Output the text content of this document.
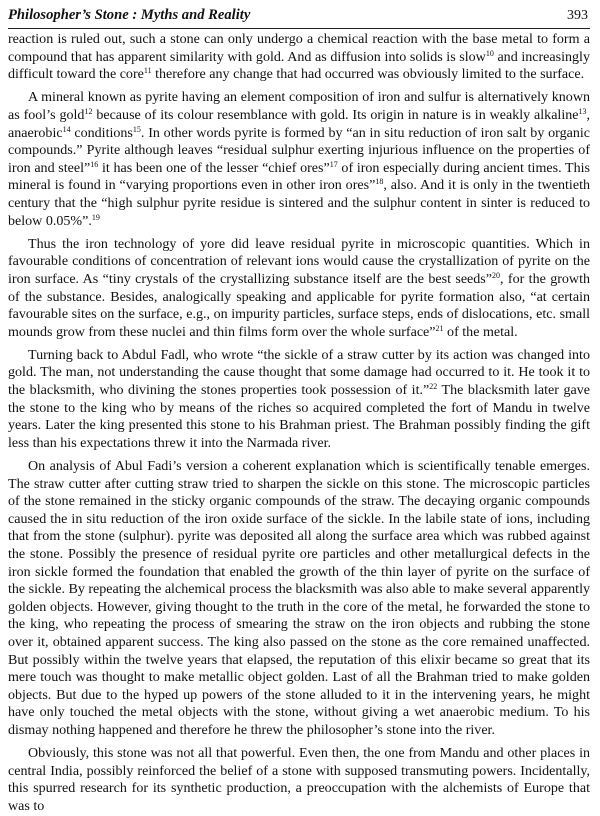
Philosopher’s Stone : Myths and Reality	393

reaction is ruled out, such a stone can only undergo a chemical reaction with the base metal to form a compound that has apparent similarity with gold. And as diffusion into solids is slow$^{10}$ and increasingly difficult toward the core$^{11}$ therefore any change that had occurred was obviously limited to the surface.

A mineral known as pyrite having an element composition of iron and sulfur is alternatively known as fool’s gold$^{12}$ because of its colour resemblance with gold. Its origin in nature is in weakly alkaline$^{13}$, anaerobic$^{14}$ conditions$^{15}$. In other words pyrite is formed by “an in situ reduction of iron salt by organic compounds.” Pyrite although leaves “residual sulphur exerting injurious influence on the properties of iron and steel”$^{16}$ it has been one of the lesser “chief ores”$^{17}$ of iron especially during ancient times. This mineral is found in “varying proportions even in other iron ores”$^{18}$, also. And it is only in the twentieth century that the “high sulphur pyrite residue is sintered and the sulphur content in sinter is reduced to below 0.05%”.$^{19}$

Thus the iron technology of yore did leave residual pyrite in microscopic quantities. Which in favourable conditions of concentration of relevant ions would cause the crystallization of pyrite on the iron surface. As “tiny crystals of the crystallizing substance itself are the best seeds”$^{20}$, for the growth of the substance. Besides, analogically speaking and applicable for pyrite formation also, “at certain favourable sites on the surface, e.g., on impurity particles, surface steps, ends of dislocations, etc. small mounds grow from these nuclei and thin films form over the whole surface”$^{21}$ of the metal.

Turning back to Abdul Fadl, who wrote “the sickle of a straw cutter by its action was changed into gold. The man, not understanding the cause thought that some damage had occurred to it. He took it to the blacksmith, who divining the stones properties took possession of it.”$^{22}$ The blacksmith later gave the stone to the king who by means of the riches so acquired completed the fort of Mandu in twelve years. Later the king presented this stone to his Brahman priest. The Brahman possibly finding the gift less than his expectations threw it into the Narmada river.

On analysis of Abul Fadi’s version a coherent explanation which is scientifically tenable emerges. The straw cutter after cutting straw tried to sharpen the sickle on this stone. The microscopic particles of the stone remained in the sticky organic compounds of the straw. The decaying organic compounds caused the in situ reduction of the iron oxide surface of the sickle. In the labile state of ions, including that from the stone (sulphur). pyrite was deposited all along the surface area which was rubbed against the stone. Possibly the presence of residual pyrite ore particles and other metallurgical defects in the iron sickle formed the foundation that enabled the growth of the thin layer of pyrite on the surface of the sickle. By repeating the alchemical process the blacksmith was also able to make several apparently golden objects. However, giving thought to the truth in the core of the metal, he forwarded the stone to the king, who repeating the process of smearing the straw on the iron objects and rubbing the stone over it, obtained apparent success. The king also passed on the stone as the core remained unaffected. But possibly within the twelve years that elapsed, the reputation of this elixir became so great that its mere touch was thought to make metallic object golden. Last of all the Brahman tried to make golden objects. But due to the hyped up powers of the stone alluded to it in the intervening years, he might have only touched the metal objects with the stone, without giving a wet anaerobic medium. To his dismay nothing happened and therefore he threw the philosopher’s stone into the river.

Obviously, this stone was not all that powerful. Even then, the one from Mandu and other places in central India, possibly reinforced the belief of a stone with supposed transmuting powers. Incidentally, this spurred research for its synthetic production, a preoccupation with the alchemists of Europe that was to
